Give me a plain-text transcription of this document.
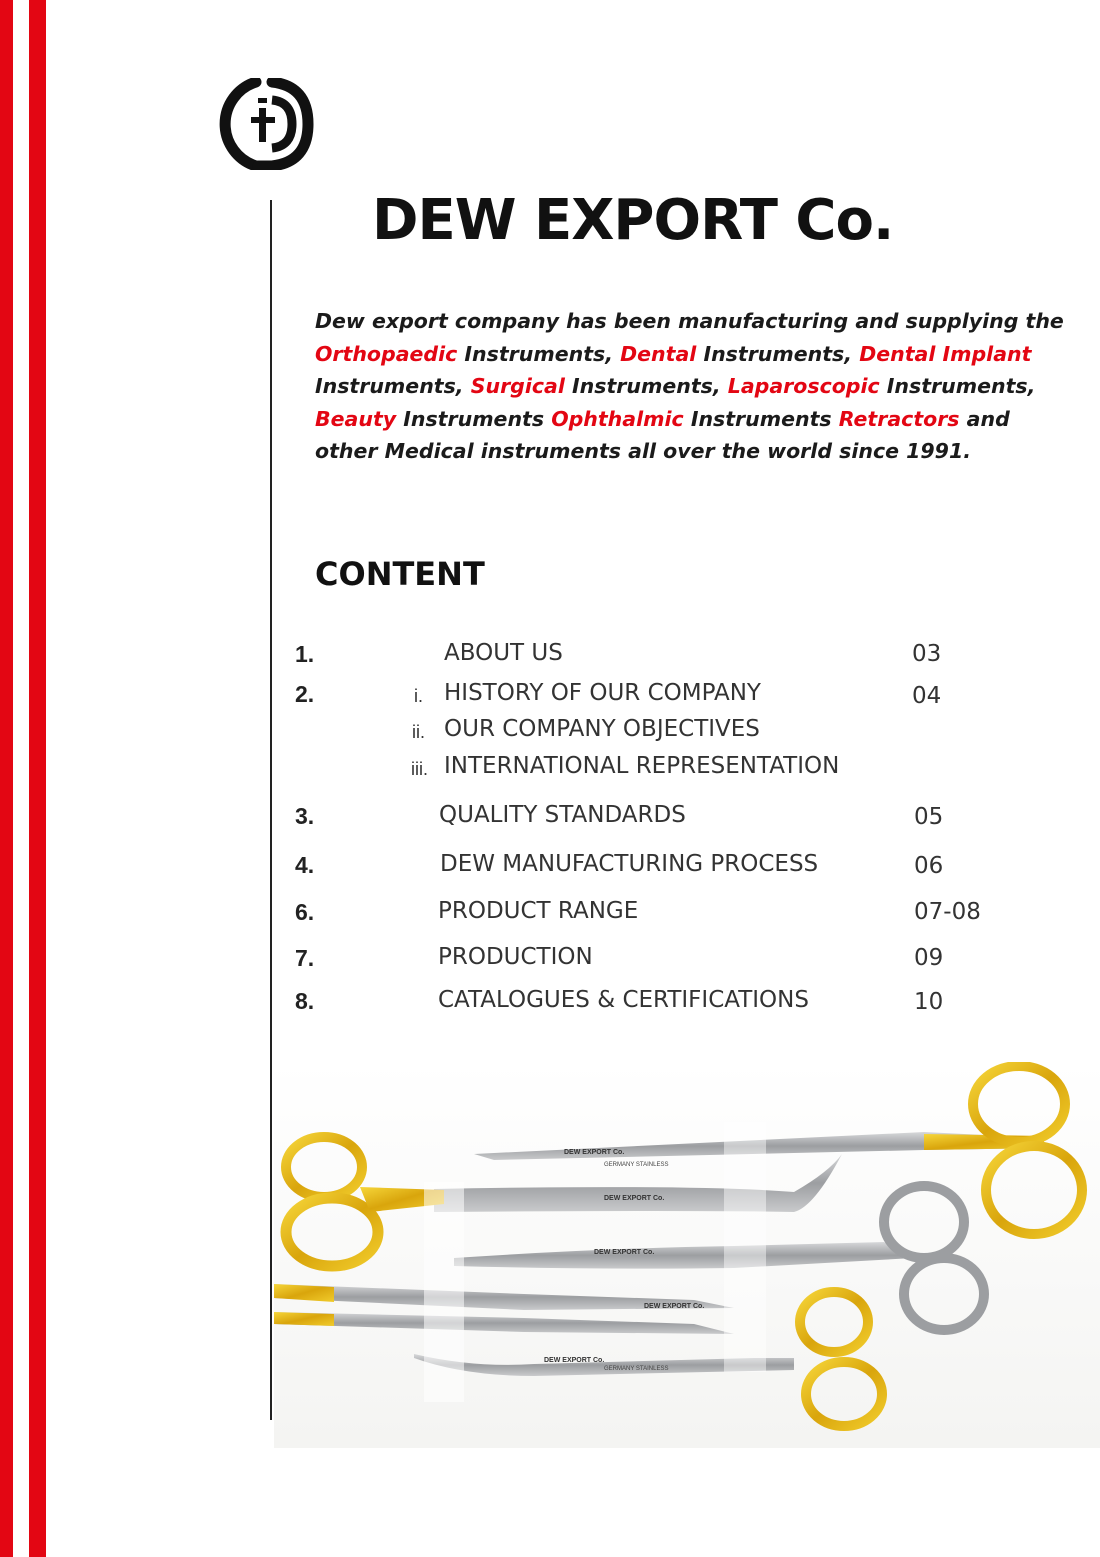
DEW EXPORT Co.

Dew export company has been manufacturing and supplying the Orthopaedic Instruments, Dental Instruments, Dental Implant Instruments, Surgical Instruments, Laparoscopic Instruments, Beauty Instruments Ophthalmic Instruments Retractors and other Medical instruments all over the world since 1991.

CONTENT
1.	ABOUT US	03
2.	i. HISTORY OF OUR COMPANY	04
ii. OUR COMPANY OBJECTIVES
iii. INTERNATIONAL REPRESENTATION
3.	QUALITY STANDARDS	05
4.	DEW MANUFACTURING PROCESS	06
6.	PRODUCT RANGE	07-08
7.	PRODUCTION	09
8.	CATALOGUES & CERTIFICATIONS	10
DEW EXPORT Co.
DEW EXPORT Co.
DEW EXPORT Co.
DEW EXPORT Co.
DEW EXPORT Co.
GERMANY STAINLESS
GERMANY STAINLESS
